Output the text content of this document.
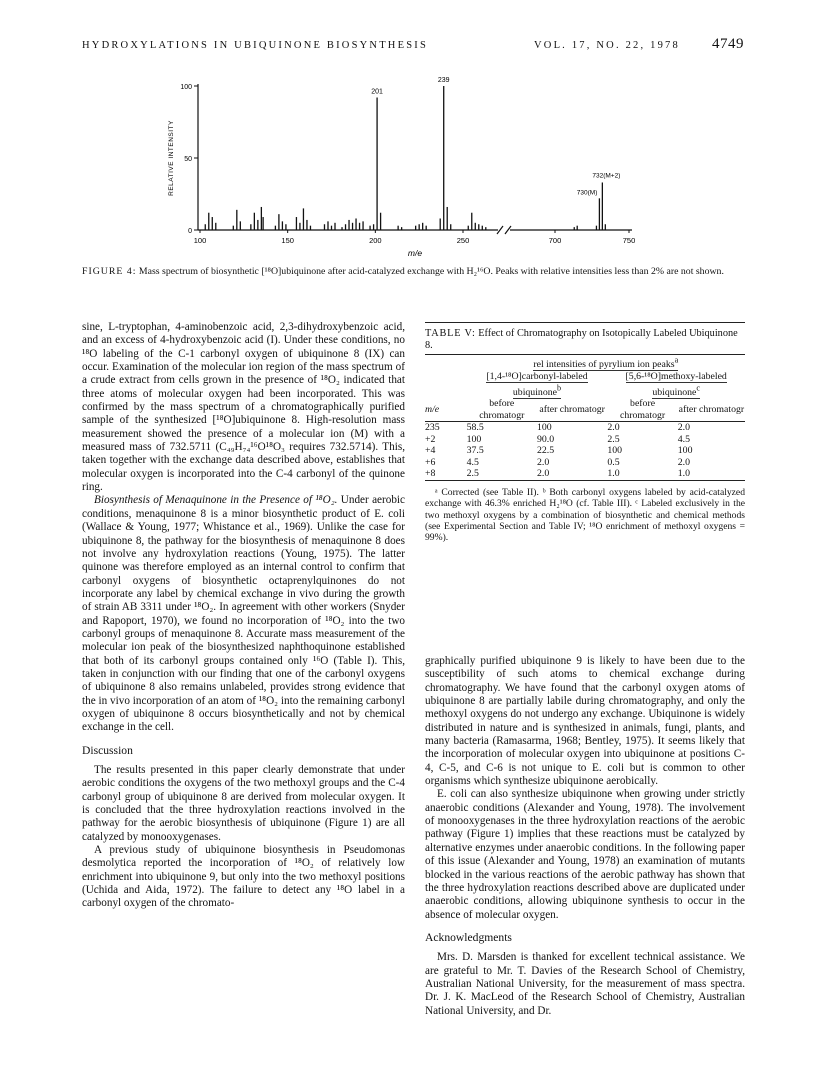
HYDROXYLATIONS IN UBIQUINONE BIOSYNTHESIS	VOL. 17, NO. 22, 1978 4749
0
50
100
100	150	200	250	700	750
RELATIVE INTENSITY
m/e
239
201
732(M+2)
730(M)
FIGURE 4: Mass spectrum of biosynthetic [¹⁸O]ubiquinone after acid-catalyzed exchange with H₂¹⁶O. Peaks with relative intensities less than 2% are not shown.

sine, L-tryptophan, 4-aminobenzoic acid, 2,3-dihydroxybenzoic acid, and an excess of 4-hydroxybenzoic acid (I). Under these conditions, no ¹⁸O labeling of the C-1 carbonyl oxygen of ubiquinone 8 (IX) can occur. Examination of the molecular ion region of the mass spectrum of a crude extract from cells grown in the presence of ¹⁸O₂ indicated that three atoms of molecular oxygen had been incorporated. This was confirmed by the mass spectrum of a chromatographically purified sample of the synthesized [¹⁸O]ubiquinone 8. High-resolution mass measurement showed the presence of a molecular ion (M) with a measured mass of 732.5711 (C₄₉H₇₄¹⁶O¹⁸O₃ requires 732.5714). This, taken together with the exchange data described above, establishes that molecular oxygen is incorporated into the C-4 carbonyl of the quinone ring.

Biosynthesis of Menaquinone in the Presence of ¹⁸O₂. Under aerobic conditions, menaquinone 8 is a minor biosynthetic product of E. coli (Wallace & Young, 1977; Whistance et al., 1969). Unlike the case for ubiquinone 8, the pathway for the biosynthesis of menaquinone 8 does not involve any hydroxylation reactions (Young, 1975). The latter quinone was therefore employed as an internal control to confirm that carbonyl oxygens of biosynthetic octaprenylquinones do not incorporate any label by chemical exchange in vivo during the growth of strain AB 3311 under ¹⁸O₂. In agreement with other workers (Snyder and Rapoport, 1970), we found no incorporation of ¹⁸O₂ into the two carbonyl groups of menaquinone 8. Accurate mass measurement of the molecular ion peak of the biosynthesized naphthoquinone established that both of its carbonyl groups contained only ¹⁶O (Table I). This, taken in conjunction with our finding that one of the carbonyl oxygens of ubiquinone 8 also remains unlabeled, provides strong evidence that the in vivo incorporation of an atom of ¹⁸O₂ into the remaining carbonyl oxygen of ubiquinone 8 occurs biosynthetically and not by chemical exchange in the cell.

Discussion

The results presented in this paper clearly demonstrate that under aerobic conditions the oxygens of the two methoxyl groups and the C-4 carbonyl group of ubiquinone 8 are derived from molecular oxygen. It is concluded that the three hydroxylation reactions involved in the pathway for the aerobic biosynthesis of ubiquinone (Figure 1) are all catalyzed by monooxygenases.

A previous study of ubiquinone biosynthesis in Pseudomonas desmolytica reported the incorporation of ¹⁸O₂ of relatively low enrichment into ubiquinone 9, but only into the two methoxyl positions (Uchida and Aida, 1972). The failure to detect any ¹⁸O label in a carbonyl oxygen of the chromato-

TABLE V: Effect of Chromatography on Isotopically Labeled Ubiquinone 8.
	rel intensities of pyrylium ion peaks$^a$
	[1,4-¹⁸O]carbonyl-labeled ubiquinone$^b$		[5,6-¹⁸O]methoxy-labeled ubiquinone$^c$
m/e	before chromatogr	after chromatogr	before chromatogr	after chromatogr
235	58.5	100	2.0	2.0
+2	100	90.0	2.5	4.5
+4	37.5	22.5	100	100
+6	4.5	2.0	0.5	2.0
+8	2.5	2.0	1.0	1.0

ᵃ Corrected (see Table II). ᵇ Both carbonyl oxygens labeled by acid-catalyzed exchange with 46.3% enriched H₂¹⁸O (cf. Table III). ᶜ Labeled exclusively in the two methoxyl oxygens by a combination of biosynthetic and chemical methods (see Experimental Section and Table IV; ¹⁸O enrichment of methoxyl oxygens = 99%).

graphically purified ubiquinone 9 is likely to have been due to the susceptibility of such atoms to chemical exchange during chromatography. We have found that the carbonyl oxygen atoms of ubiquinone 8 are partially labile during chromatography, and only the methoxyl oxygens do not undergo any exchange. Ubiquinone is widely distributed in nature and is synthesized in animals, fungi, plants, and many bacteria (Ramasarma, 1968; Bentley, 1975). It seems likely that the incorporation of molecular oxygen into ubiquinone at positions C-4, C-5, and C-6 is not unique to E. coli but is common to other organisms which synthesize ubiquinone aerobically.

E. coli can also synthesize ubiquinone when growing under strictly anaerobic conditions (Alexander and Young, 1978). The involvement of monooxygenases in the three hydroxylation reactions of the aerobic pathway (Figure 1) implies that these reactions must be catalyzed by alternative enzymes under anaerobic conditions. In the following paper of this issue (Alexander and Young, 1978) an examination of mutants blocked in the various reactions of the aerobic pathway has shown that the three hydroxylation reactions described above are duplicated under anaerobic conditions, allowing ubiquinone synthesis to occur in the absence of molecular oxygen.

Acknowledgments

Mrs. D. Marsden is thanked for excellent technical assistance. We are grateful to Mr. T. Davies of the Research School of Chemistry, Australian National University, for the measurement of mass spectra. Dr. J. K. MacLeod of the Research School of Chemistry, Australian National University, and Dr.
